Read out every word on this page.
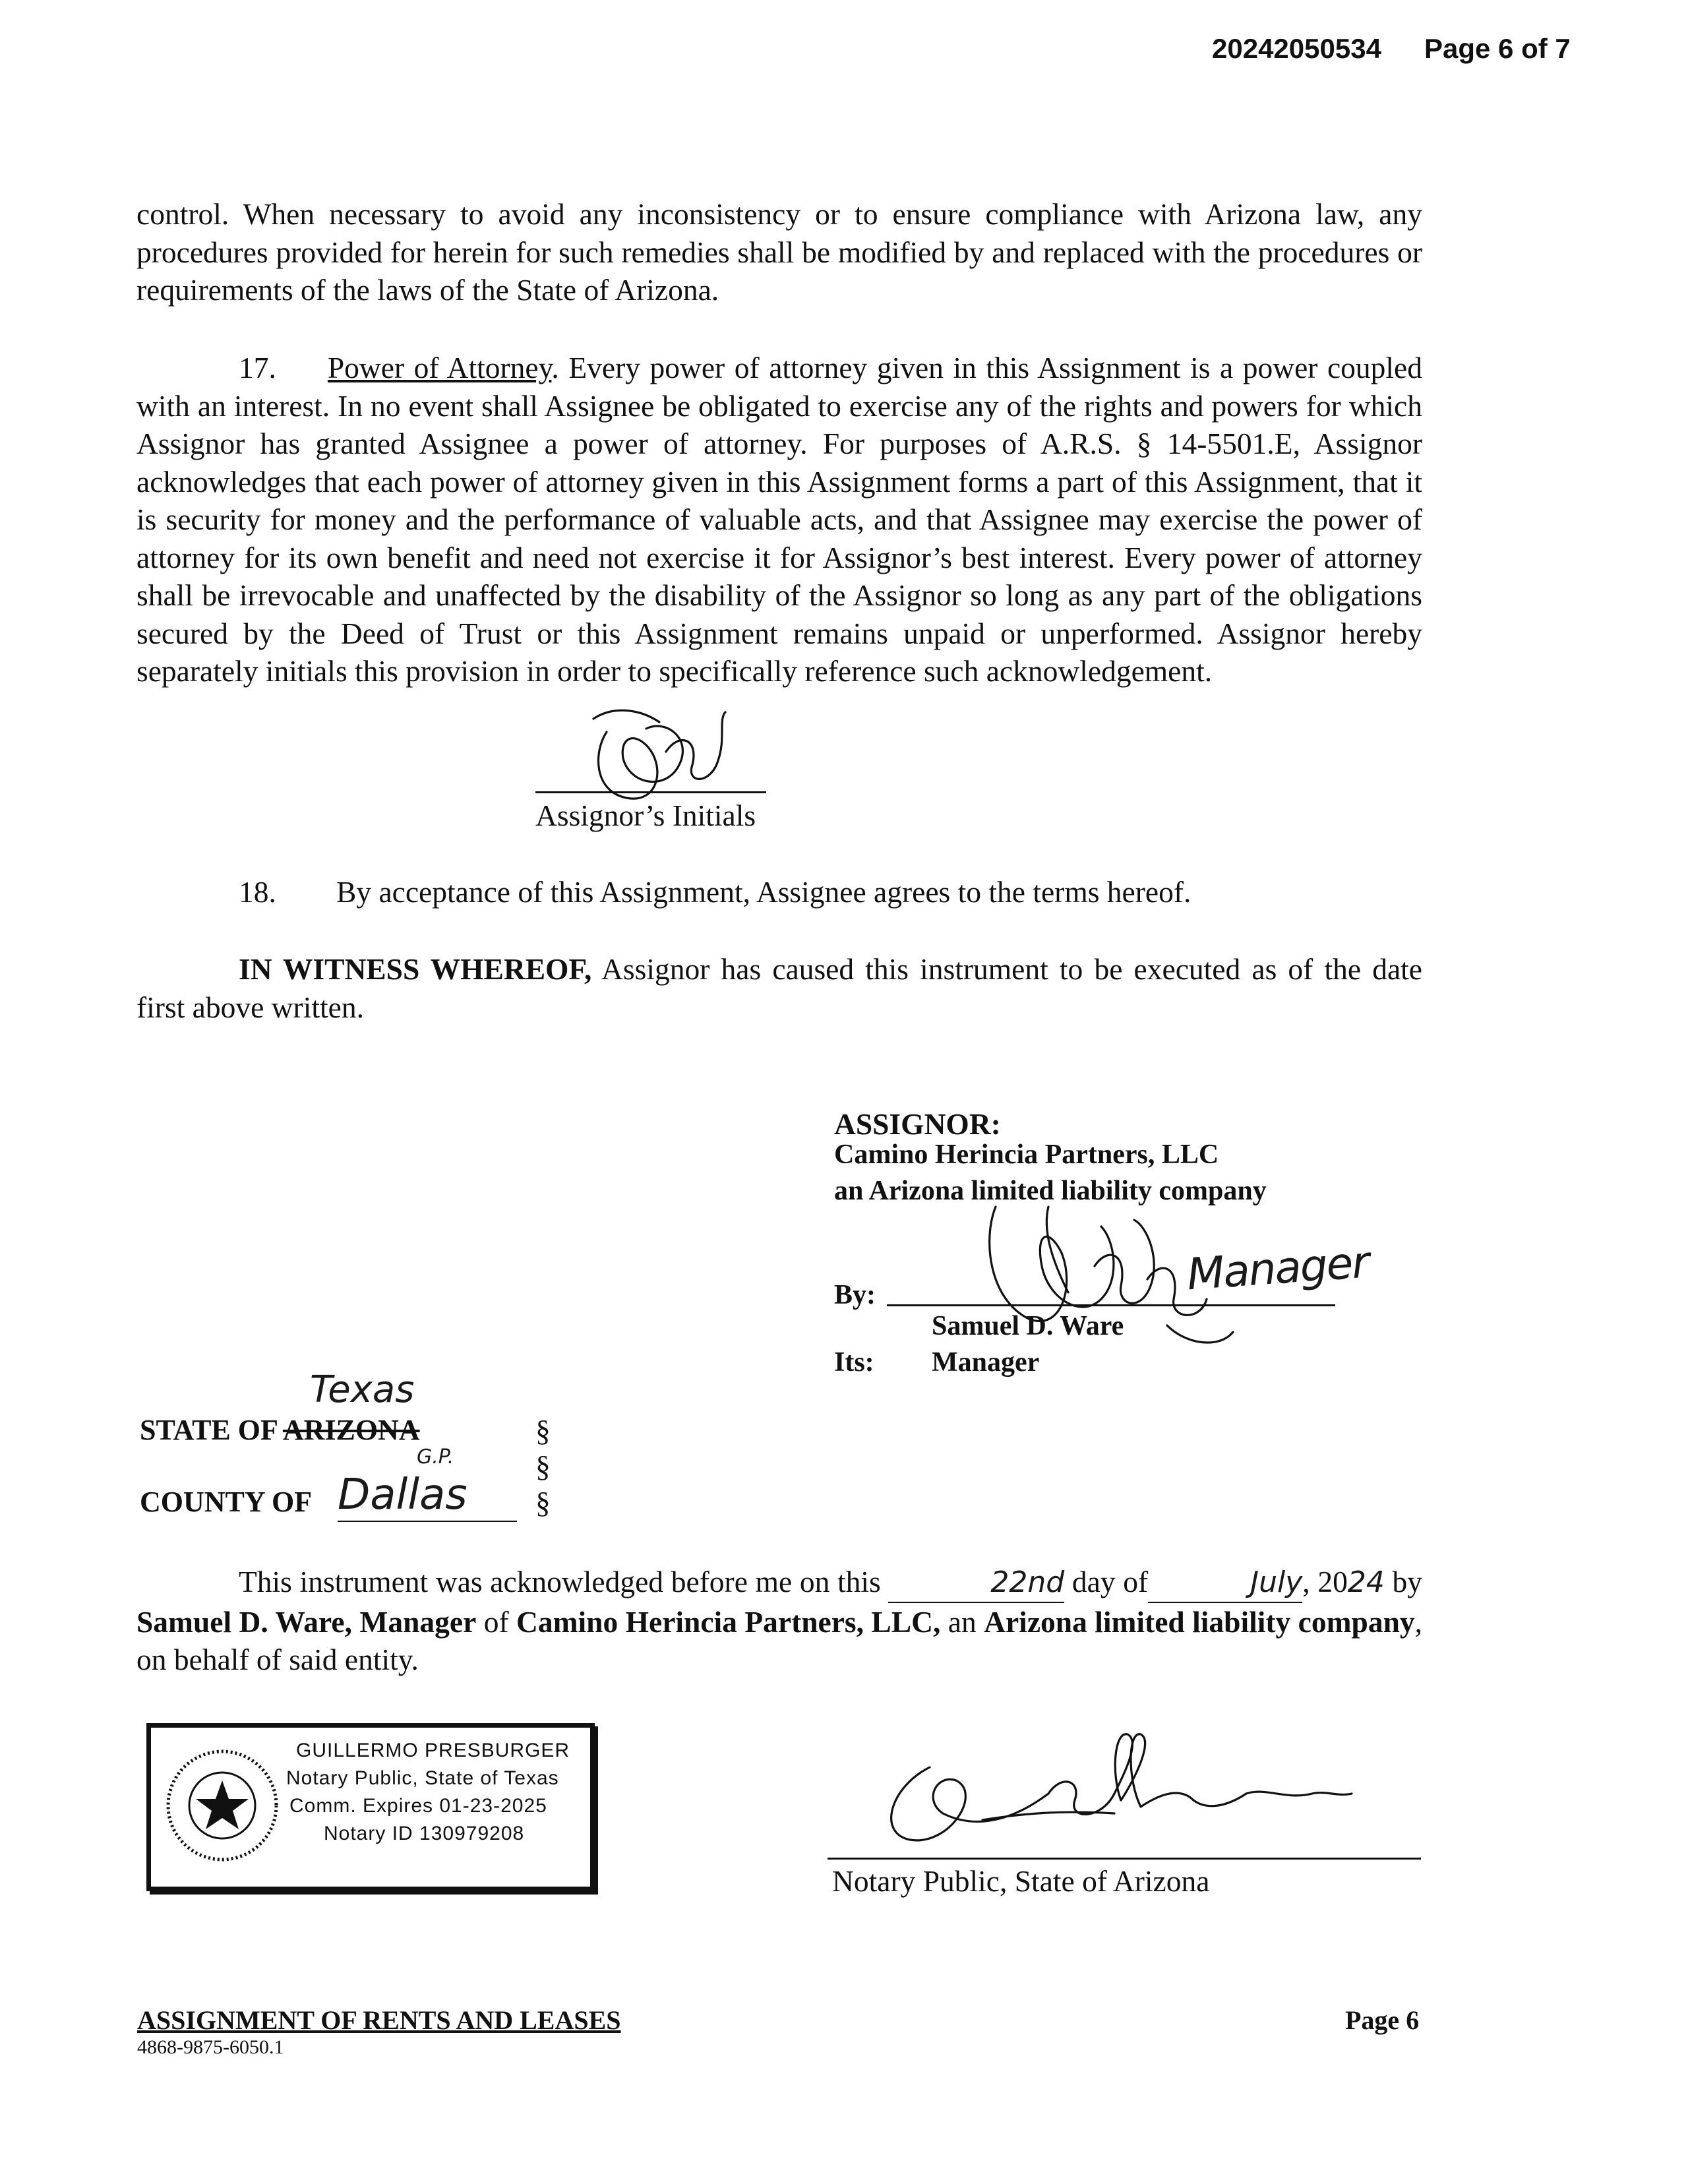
20242050534 Page 6 of 7

control. When necessary to avoid any inconsistency or to ensure compliance with Arizona law, any procedures provided for herein for such remedies shall be modified by and replaced with the procedures or requirements of the laws of the State of Arizona.

17. Power of Attorney. Every power of attorney given in this Assignment is a power coupled with an interest. In no event shall Assignee be obligated to exercise any of the rights and powers for which Assignor has granted Assignee a power of attorney. For purposes of A.R.S. § 14-5501.E, Assignor acknowledges that each power of attorney given in this Assignment forms a part of this Assignment, that it is security for money and the performance of valuable acts, and that Assignee may exercise the power of attorney for its own benefit and need not exercise it for Assignor’s best interest. Every power of attorney shall be irrevocable and unaffected by the disability of the Assignor so long as any part of the obligations secured by the Deed of Trust or this Assignment remains unpaid or unperformed. Assignor hereby separately initials this provision in order to specifically reference such acknowledgement.

Assignor’s Initials
18. By acceptance of this Assignment, Assignee agrees to the terms hereof.

IN WITNESS WHEREOF, Assignor has caused this instrument to be executed as of the date first above written.

ASSIGNOR:
Camino Herincia Partners, LLC
an Arizona limited liability company
By:	Manager
Samuel D. Ware
Its: Manager
Texas
STATE OF ARIZONA
G.P.
§
§
§
COUNTY OF Dallas

This instrument was acknowledged before me on this	22nd day of	July, 2024 by Samuel D. Ware, Manager of Camino Herincia Partners, LLC, an Arizona limited liability company, on behalf of said entity.

GUILLERMO PRESBURGER
Notary Public, State of Texas
Comm. Expires 01-23-2025
Notary ID 130979208
Notary Public, State of Arizona
ASSIGNMENT OF RENTS AND LEASES
4868-9875-6050.1
Page 6
